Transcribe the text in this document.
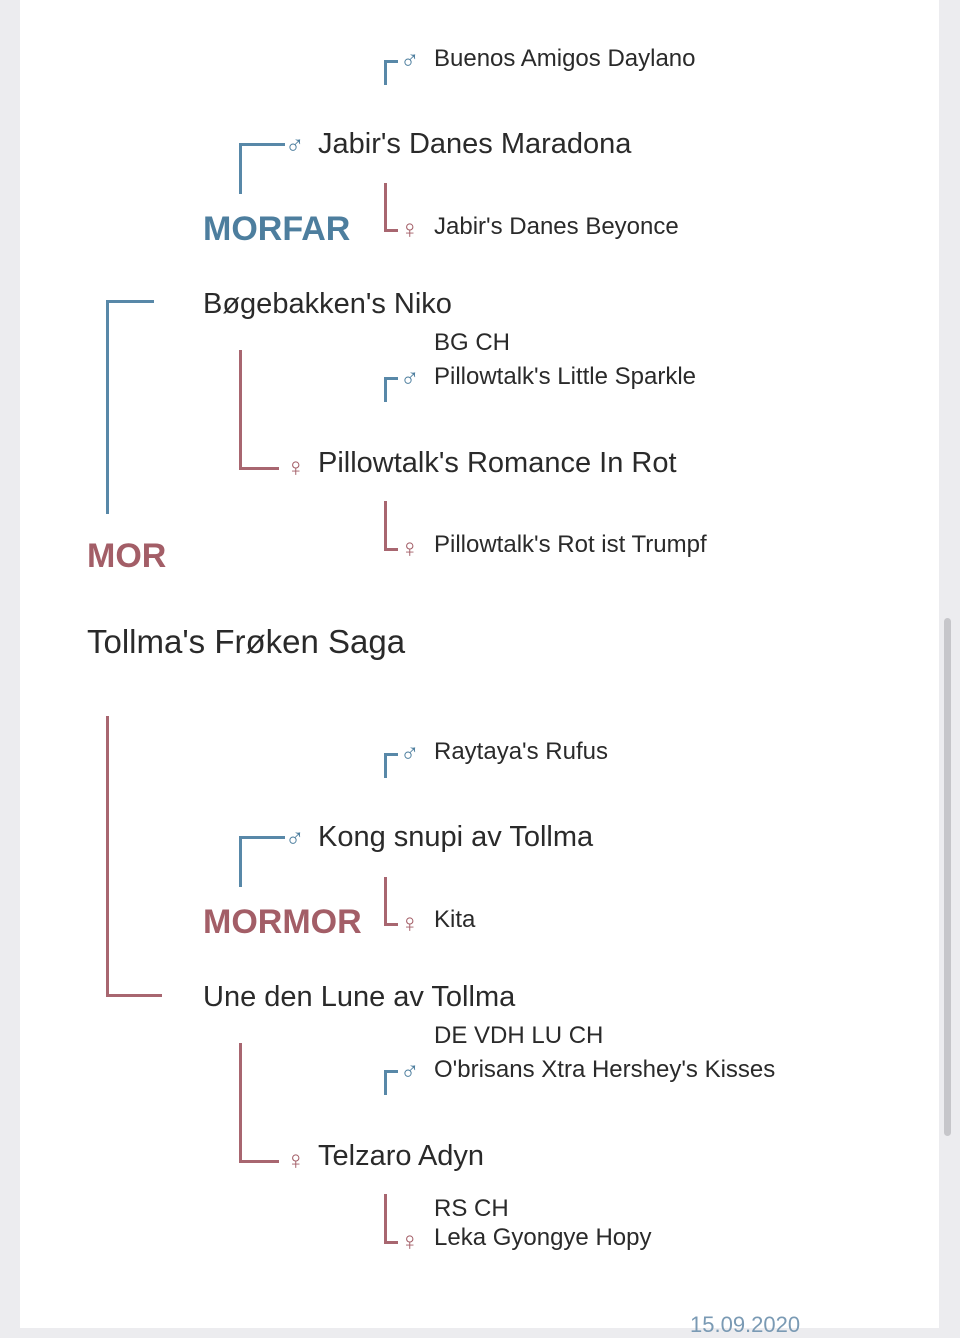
♂ Buenos Amigos Daylano
♂ Jabir's Danes Maradona
MORFAR ♀ Jabir's Danes Beyonce
Bøgebakken's Niko
BG CH
♂ Pillowtalk's Little Sparkle
♀ Pillowtalk's Romance In Rot
♀ Pillowtalk's Rot ist Trumpf
MOR
Tollma's Frøken Saga
♂ Raytaya's Rufus
♂ Kong snupi av Tollma
MORMOR ♀ Kita
Une den Lune av Tollma
DE VDH LU CH
♂ O'brisans Xtra Hershey's Kisses
♀ Telzaro Adyn
RS CH
♀ Leka Gyongye Hopy
15.09.2020
